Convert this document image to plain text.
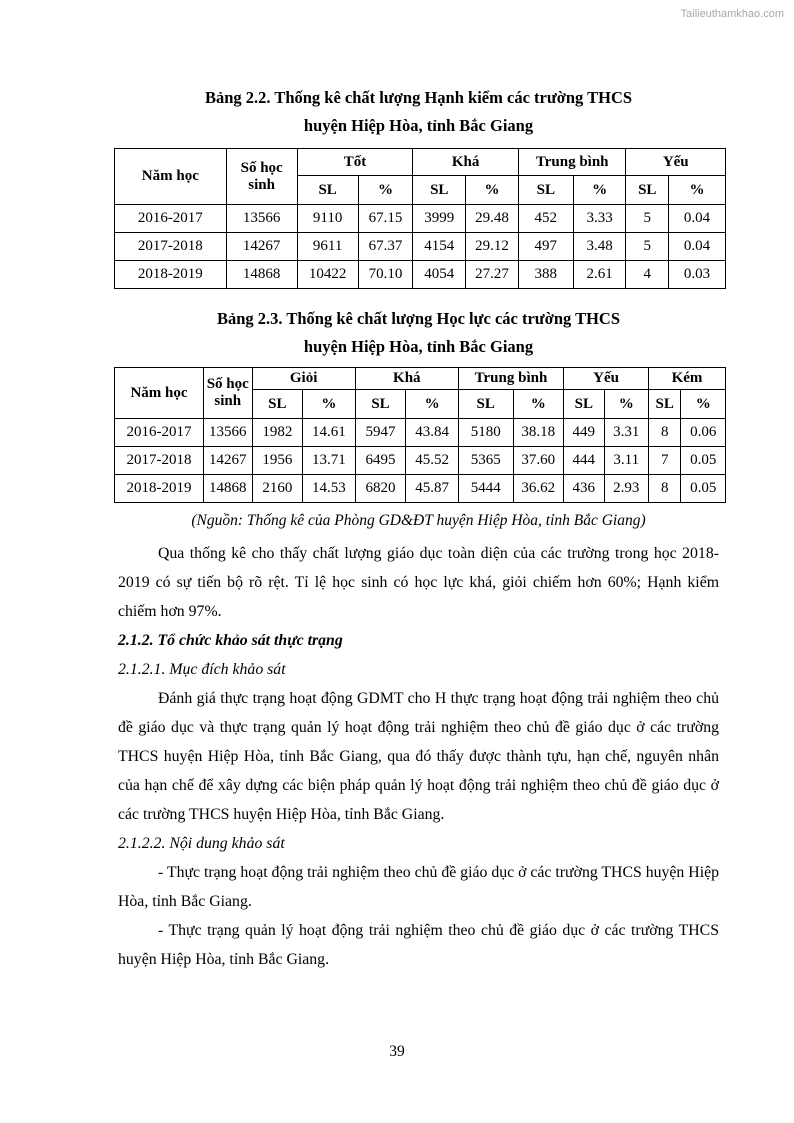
Tailieuthamkhao.com

Bảng 2.2. Thống kê chất lượng Hạnh kiểm các trường THCS

huyện Hiệp Hòa, tỉnh Bắc Giang

Năm học	Số học sinh	Tốt		Khá		Trung bình		Yếu	
		SL	%	SL	%	SL	%	SL	%
2016-2017	13566	9110	67.15	3999	29.48	452	3.33	5	0.04
2017-2018	14267	9611	67.37	4154	29.12	497	3.48	5	0.04
2018-2019	14868	10422	70.10	4054	27.27	388	2.61	4	0.03

Bảng 2.3. Thống kê chất lượng Học lực các trường THCS

huyện Hiệp Hòa, tỉnh Bắc Giang

Năm học	Số học sinh	Giỏi		Khá		Trung bình		Yếu		Kém	
		SL	%	SL	%	SL	%	SL	%	SL	%
2016-2017	13566	1982	14.61	5947	43.84	5180	38.18	449	3.31	8	0.06
2017-2018	14267	1956	13.71	6495	45.52	5365	37.60	444	3.11	7	0.05
2018-2019	14868	2160	14.53	6820	45.87	5444	36.62	436	2.93	8	0.05

(Nguồn: Thống kê của Phòng GD&ĐT huyện Hiệp Hòa, tỉnh Bắc Giang)

Qua thống kê cho thấy chất lượng giáo dục toàn diện của các trường trong học 2018-2019 có sự tiến bộ rõ rệt. Tỉ lệ học sinh có học lực khá, giỏi chiếm hơn 60%; Hạnh kiểm chiếm hơn 97%.

2.1.2. Tổ chức khảo sát thực trạng

2.1.2.1. Mục đích khảo sát

Đánh giá thực trạng hoạt động GDMT cho H thực trạng hoạt động trải nghiệm theo chủ đề giáo dục và thực trạng quản lý hoạt động trải nghiệm theo chủ đề giáo dục ở các trường THCS huyện Hiệp Hòa, tỉnh Bắc Giang, qua đó thấy được thành tựu, hạn chế, nguyên nhân của hạn chế để xây dựng các biện pháp quản lý hoạt động trải nghiệm theo chủ đề giáo dục ở các trường THCS huyện Hiệp Hòa, tỉnh Bắc Giang.

2.1.2.2. Nội dung khảo sát

- Thực trạng hoạt động trải nghiệm theo chủ đề giáo dục ở các trường THCS huyện Hiệp Hòa, tỉnh Bắc Giang.

- Thực trạng quản lý hoạt động trải nghiệm theo chủ đề giáo dục ở các trường THCS huyện Hiệp Hòa, tỉnh Bắc Giang.

39
